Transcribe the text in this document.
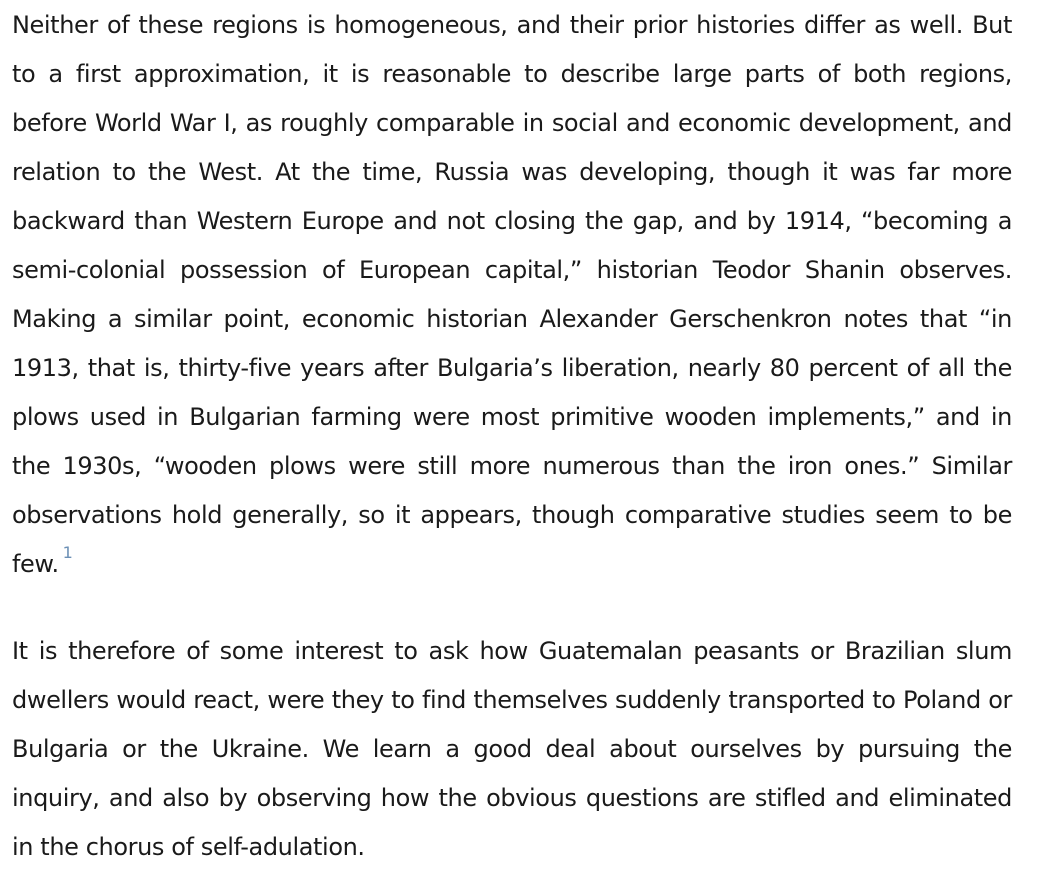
Neither of these regions is homogeneous, and their prior histories differ as well. But to a first approximation, it is reasonable to describe large parts of both regions, before World War I, as roughly comparable in social and economic development, and relation to the West. At the time, Russia was developing, though it was far more backward than Western Europe and not closing the gap, and by 1914, “becoming a semi-colonial possession of European capital,” historian Teodor Shanin observes. Making a similar point, economic historian Alexander Gerschenkron notes that “in 1913, that is, thirty-five years after Bulgaria’s liberation, nearly 80 percent of all the plows used in Bulgarian farming were most primitive wooden implements,” and in the 1930s, “wooden plows were still more numerous than the iron ones.” Similar observations hold generally, so it appears, though comparative studies seem to be few. $^1$

It is therefore of some interest to ask how Guatemalan peasants or Brazilian slum dwellers would react, were they to find themselves suddenly transported to Poland or Bulgaria or the Ukraine. We learn a good deal about ourselves by pursuing the inquiry, and also by observing how the obvious questions are stifled and eliminated in the chorus of self-adulation.
